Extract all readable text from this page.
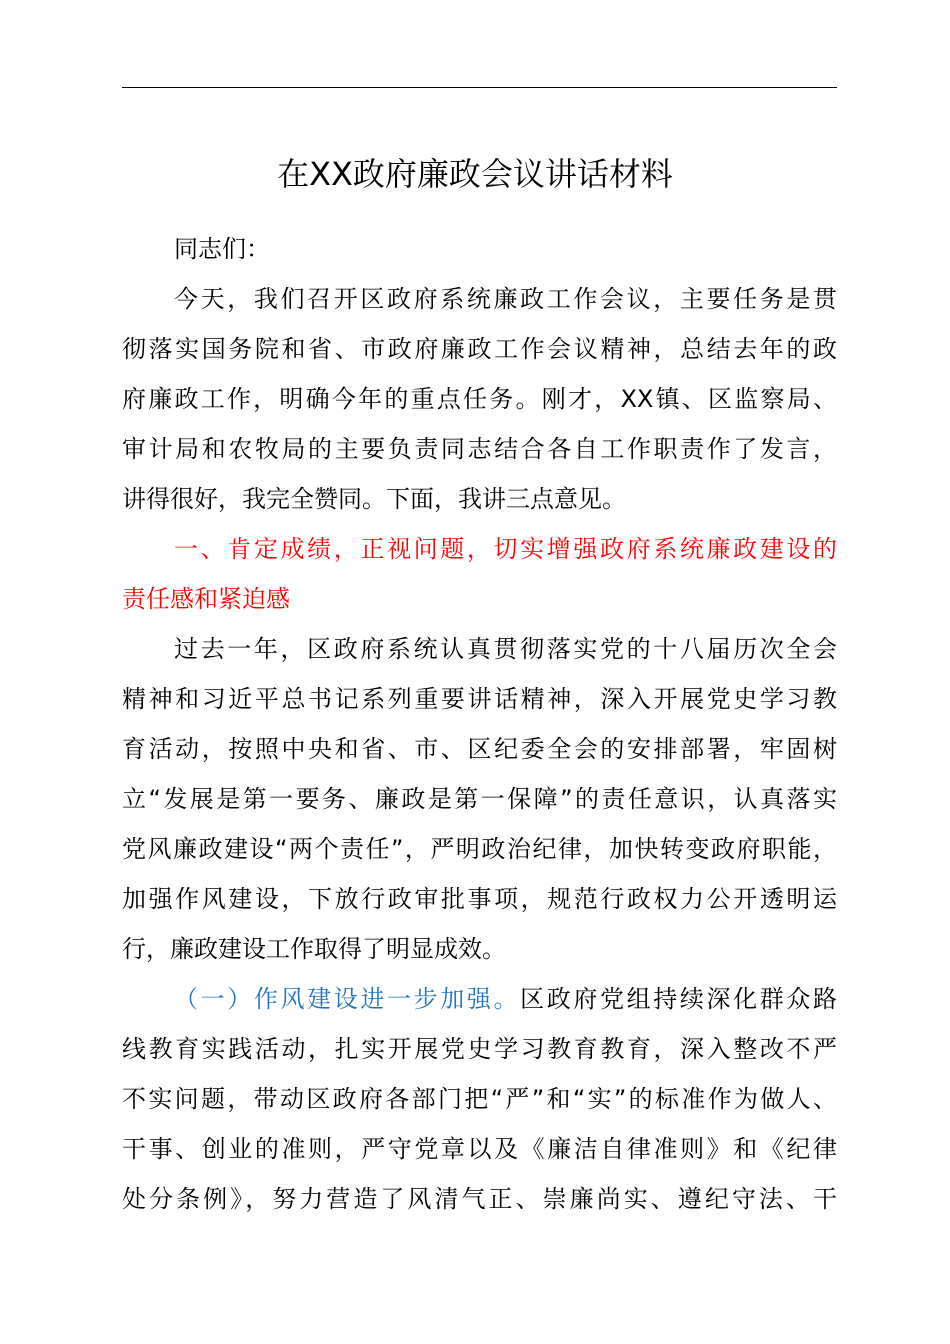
在XX政府廉政会议讲话材料
同志们：
今天，我们召开区政府系统廉政工作会议，主要任务是贯
彻落实国务院和省、市政府廉政工作会议精神，总结去年的政
府廉政工作，明确今年的重点任务。刚才，XX镇、区监察局、
审计局和农牧局的主要负责同志结合各自工作职责作了发言，
讲得很好，我完全赞同。下面，我讲三点意见。
一、肯定成绩，正视问题，切实增强政府系统廉政建设的
责任感和紧迫感
过去一年，区政府系统认真贯彻落实党的十八届历次全会
精神和习近平总书记系列重要讲话精神，深入开展党史学习教
育活动，按照中央和省、市、区纪委全会的安排部署，牢固树
立“发展是第一要务、廉政是第一保障”的责任意识，认真落实
党风廉政建设“两个责任”，严明政治纪律，加快转变政府职能，
加强作风建设，下放行政审批事项，规范行政权力公开透明运
行，廉政建设工作取得了明显成效。
（一）作风建设进一步加强。区政府党组持续深化群众路
线教育实践活动，扎实开展党史学习教育教育，深入整改不严
不实问题，带动区政府各部门把“严”和“实”的标准作为做人、
干事、创业的准则，严守党章以及《廉洁自律准则》和《纪律
处分条例》，努力营造了风清气正、崇廉尚实、遵纪守法、干
